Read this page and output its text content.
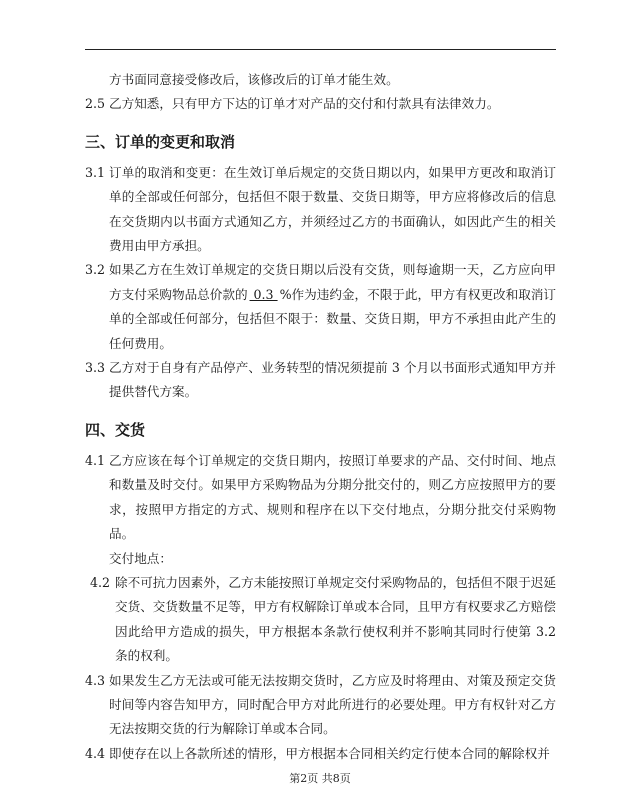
方书面同意接受修改后，该修改后的订单才能生效。

2.5 乙方知悉，只有甲方下达的订单才对产品的交付和付款具有法律效力。

三、订单的变更和取消

3.1 订单的取消和变更：在生效订单后规定的交货日期以内，如果甲方更改和取消订单的全部或任何部分，包括但不限于数量、交货日期等，甲方应将修改后的信息在交货期内以书面方式通知乙方，并须经过乙方的书面确认，如因此产生的相关费用由甲方承担。

3.2 如果乙方在生效订单规定的交货日期以后没有交货，则每逾期一天，乙方应向甲方支付采购物品总价款的 0.3 %作为违约金，不限于此，甲方有权更改和取消订单的全部或任何部分，包括但不限于：数量、交货日期，甲方不承担由此产生的任何费用。

3.3 乙方对于自身有产品停产、业务转型的情况须提前 3 个月以书面形式通知甲方并提供替代方案。

四、交货

4.1 乙方应该在每个订单规定的交货日期内，按照订单要求的产品、交付时间、地点和数量及时交付。如果甲方采购物品为分期分批交付的，则乙方应按照甲方的要求，按照甲方指定的方式、规则和程序在以下交付地点，分期分批交付采购物品。

交付地点：

4.2 除不可抗力因素外，乙方未能按照订单规定交付采购物品的，包括但不限于迟延交货、交货数量不足等，甲方有权解除订单或本合同，且甲方有权要求乙方赔偿因此给甲方造成的损失，甲方根据本条款行使权利并不影响其同时行使第 3.2 条的权利。

4.3 如果发生乙方无法或可能无法按期交货时，乙方应及时将理由、对策及预定交货时间等内容告知甲方，同时配合甲方对此所进行的必要处理。甲方有权针对乙方无法按期交货的行为解除订单或本合同。

4.4 即使存在以上各款所述的情形，甲方根据本合同相关约定行使本合同的解除权并

第2页 共8页
